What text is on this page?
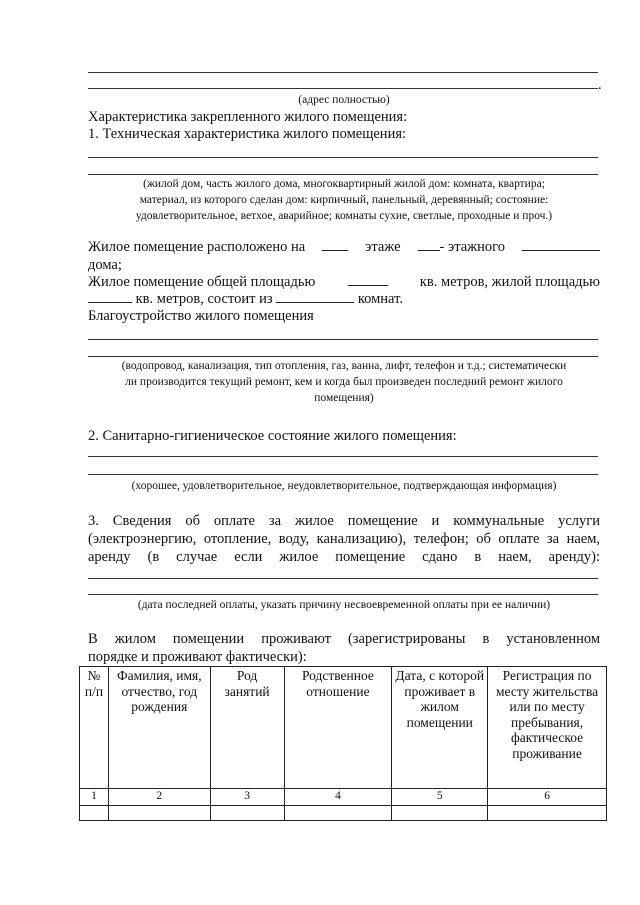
.
(адрес полностью)
Характеристика закрепленного жилого помещения:
1. Техническая характеристика жилого помещения:
(жилой дом, часть жилого дома, многоквартирный жилой дом: комната, квартира;
материал, из которого сделан дом: кирпичный, панельный, деревянный; состояние:
удовлетворительное, ветхое, аварийное; комнаты сухие, светлые, проходные и проч.)
Жилое помещение расположено на	этаже	- этажного
дома;
Жилое помещение общей площадью	кв. метров, жилой площадью
кв. метров, состоит из	комнат.
Благоустройство жилого помещения
(водопровод, канализация, тип отопления, газ, ванна, лифт, телефон и т.д.; систематически
ли производится текущий ремонт, кем и когда был произведен последний ремонт жилого
помещения)
2. Санитарно-гигиеническое состояние жилого помещения:
(хорошее, удовлетворительное, неудовлетворительное, подтверждающая информация)
3. Сведения об оплате за жилое помещение и коммунальные услуги
(электроэнергию, отопление, воду, канализацию), телефон; об оплате за наем,
аренду (в случае если жилое помещение сдано в наем, аренду):
(дата последней оплаты, указать причину несвоевременной оплаты при ее наличии)
В жилом помещении проживают (зарегистрированы в установленном
порядке и проживают фактически):
№ п/п	Фамилия, имя, отчество, год рождения	Род занятий	Родственное отношение	Дата, с которой проживает в жилом помещении	Регистрация по месту жительства или по месту пребывания, фактическое проживание
1	2	3	4	5	6
